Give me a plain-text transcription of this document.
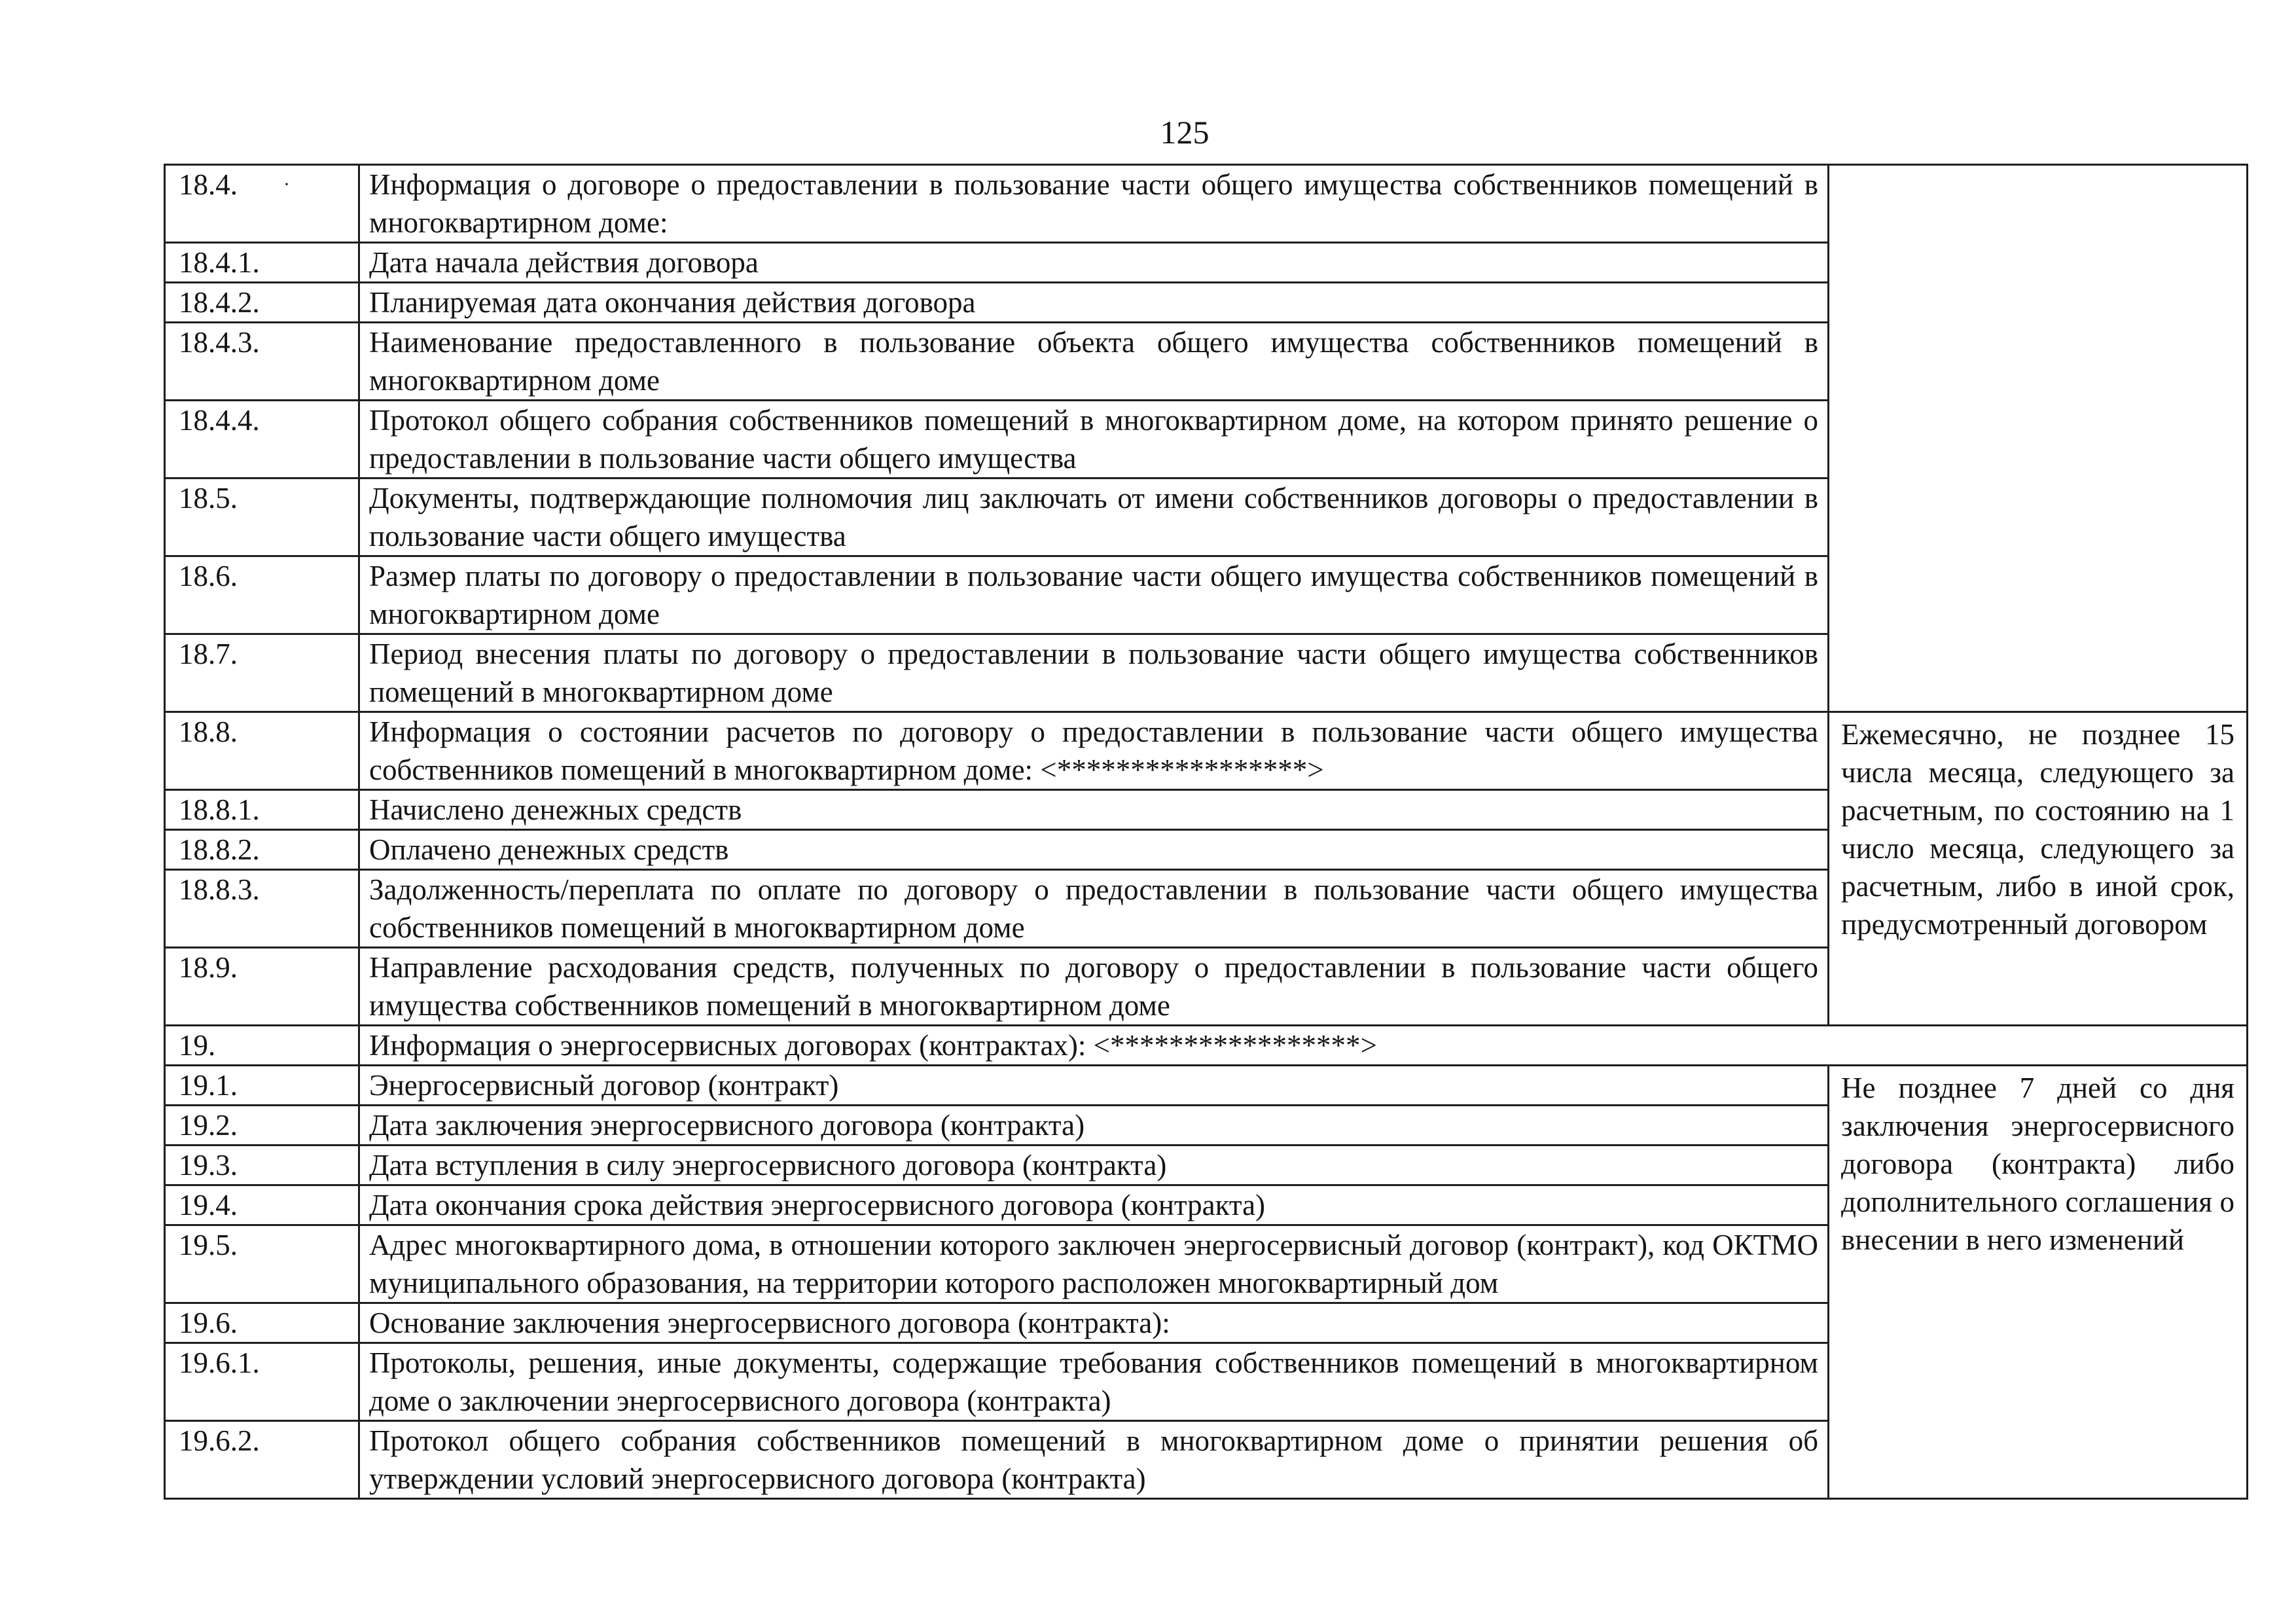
125
18.4. ·	Информация о договоре о предоставлении в пользование части общего имущества собственников помещений в многоквартирном доме:	
18.4.1.	Дата начала действия договора	
18.4.2.	Планируемая дата окончания действия договора	
18.4.3.	Наименование предоставленного в пользование объекта общего имущества собственников помещений в многоквартирном доме	
18.4.4.	Протокол общего собрания собственников помещений в многоквартирном доме, на котором принято решение о предоставлении в пользование части общего имущества	
18.5.	Документы, подтверждающие полномочия лиц заключать от имени собственников договоры о предоставлении в пользование части общего имущества	
18.6.	Размер платы по договору о предоставлении в пользование части общего имущества собственников помещений в многоквартирном доме	
18.7.	Период внесения платы по договору о предоставлении в пользование части общего имущества собственников помещений в многоквартирном доме	
18.8.	Информация о состоянии расчетов по договору о предоставлении в пользование части общего имущества собственников помещений в многоквартирном доме: <*****************>	Ежемесячно, не позднее 15 числа месяца, следующего за расчетным, по состоянию на 1 число месяца, следующего за расчетным, либо в иной срок, предусмотренный договором
18.8.1.	Начислено денежных средств	
18.8.2.	Оплачено денежных средств	
18.8.3.	Задолженность/переплата по оплате по договору о предоставлении в пользование части общего имущества собственников помещений в многоквартирном доме	
18.9.	Направление расходования средств, полученных по договору о предоставлении в пользование части общего имущества собственников помещений в многоквартирном доме	
19.	Информация о энергосервисных договорах (контрактах): <*****************>	
19.1.	Энергосервисный договор (контракт)	Не позднее 7 дней со дня заключения энергосервисного договора (контракта) либо дополнительного соглашения о внесении в него изменений
19.2.	Дата заключения энергосервисного договора (контракта)	
19.3.	Дата вступления в силу энергосервисного договора (контракта)	
19.4.	Дата окончания срока действия энергосервисного договора (контракта)	
19.5.	Адрес многоквартирного дома, в отношении которого заключен энергосервисный договор (контракт), код ОКТМО муниципального образования, на территории которого расположен многоквартирный дом	
19.6.	Основание заключения энергосервисного договора (контракта):	
19.6.1.	Протоколы, решения, иные документы, содержащие требования собственников помещений в многоквартирном доме о заключении энергосервисного договора (контракта)	
19.6.2.	Протокол общего собрания собственников помещений в многоквартирном доме о принятии решения об утверждении условий энергосервисного договора (контракта)	
